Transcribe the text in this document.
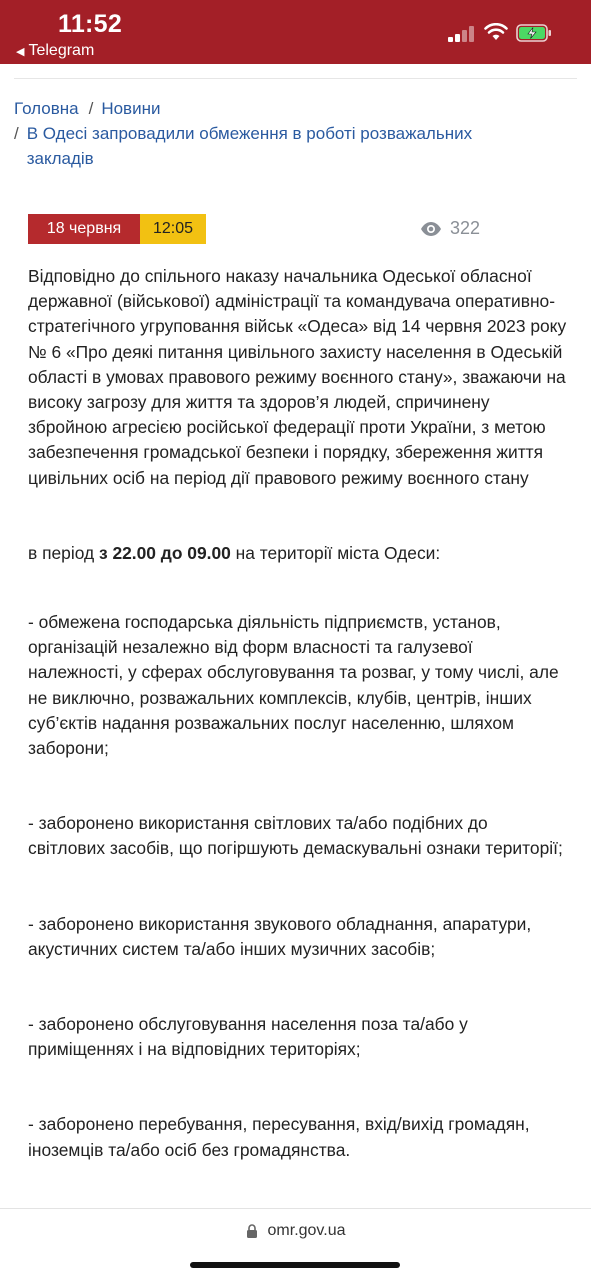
11:52
◀ Telegram
Головна / Новини
/ В Одесі запровадили обмеження в роботі розважальних закладів
18 червня	12:05	322

Відповідно до спільного наказу начальника Одеської обласної державної (військової) адміністрації та командувача оперативно-стратегічного угруповання військ «Одеса» від 14 червня 2023 року № 6 «Про деякі питання цивільного захисту населення в Одеській області в умовах правового режиму воєнного стану», зважаючи на високу загрозу для життя та здоров’я людей, спричинену збройною агресією російської федерації проти України, з метою забезпечення громадської безпеки і порядку, збереження життя цивільних осіб на період дії правового режиму воєнного стану

в період з 22.00 до 09.00 на території міста Одеси:

- обмежена господарська діяльність підприємств, установ, організацій незалежно від форм власності та галузевої належності, у сферах обслуговування та розваг, у тому числі, але не виключно, розважальних комплексів, клубів, центрів, інших суб’єктів надання розважальних послуг населенню, шляхом заборони;

- заборонено використання світлових та/або подібних до світлових засобів, що погіршують демаскувальні ознаки території;

- заборонено використання звукового обладнання, апаратури, акустичних систем та/або інших музичних засобів;

- заборонено обслуговування населення поза та/або у приміщеннях і на відповідних територіях;

- заборонено перебування, пересування, вхід/вихід громадян, іноземців та/або осіб без громадянства.

omr.gov.ua
